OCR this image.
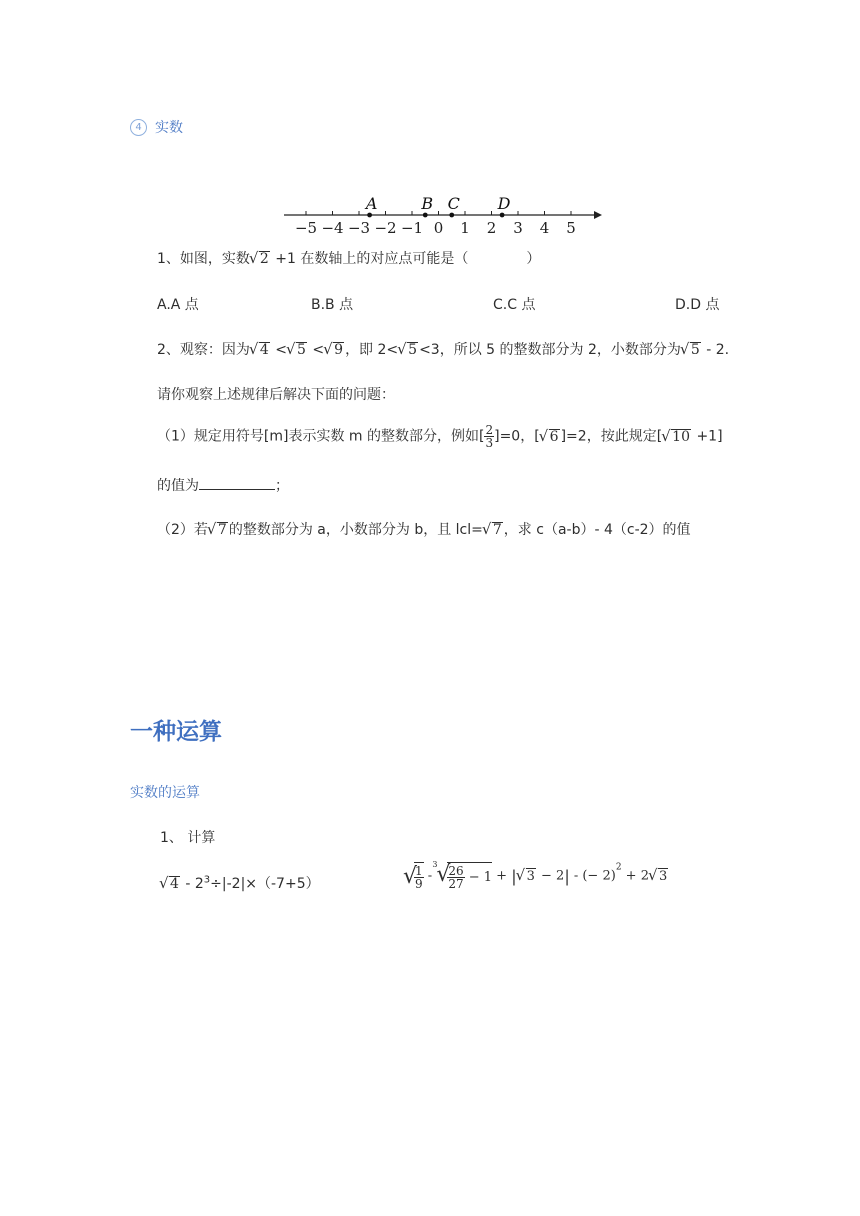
4 实数
−5 −4 −3 −2 −1 0 1 2 3 4 5
A	B C D
1、如图，实数 √ 2 +1 在数轴上的对应点可能是（	）
A.A 点	B.B 点	C.C 点	D.D 点
2、观察：因为 √ 4 < √ 5 < √ 9 ，即 2< √ 5 <3，所以 5 的整数部分为 2，小数部分为 √ 5 - 2.
请你观察上述规律后解决下面的问题：
（1）规定用符号[m]表示实数 m 的整数部分，例如[ $\frac{2}{3} ]=0$，[ √ 6 ]=2，按此规定[ √ 10 +1]
的值为	；
（2）若 √ 7 的整数部分为 a，小数部分为 b，且 lcl= √ 7 ，求 c（a-b）- 4（c-2）的值
一种运算
实数的运算
1、 计算
√ $4 - 2^3\div|-2|\times(-7+5)$	√
$\frac{1}{9}$ -
3
√
$\frac{26}{27} - 1$ + | √ 3 − 2| - (− 2)$^2$ + 2 √ 3
